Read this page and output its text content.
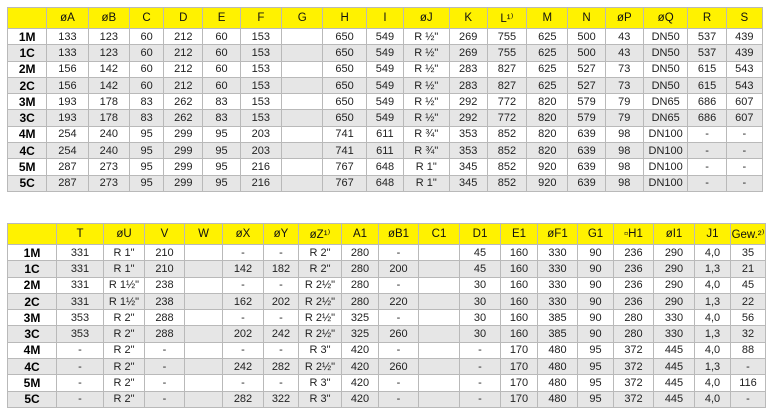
	øA	øB	C	D	E	F	G	H	I	øJ	K	L¹⁾	M	N	øP	øQ	R	S
1M	133	123	60	212	60	153		650	549	R ½"	269	755	625	500	43	DN50	537	439
1C	133	123	60	212	60	153		650	549	R ½"	269	755	625	500	43	DN50	537	439
2M	156	142	60	212	60	153		650	549	R ½"	283	827	625	527	73	DN50	615	543
2C	156	142	60	212	60	153		650	549	R ½"	283	827	625	527	73	DN50	615	543
3M	193	178	83	262	83	153		650	549	R ½"	292	772	820	579	79	DN65	686	607
3C	193	178	83	262	83	153		650	549	R ½"	292	772	820	579	79	DN65	686	607
4M	254	240	95	299	95	203		741	611	R ¾"	353	852	820	639	98	DN100	-	-
4C	254	240	95	299	95	203		741	611	R ¾"	353	852	820	639	98	DN100	-	-
5M	287	273	95	299	95	216		767	648	R 1"	345	852	920	639	98	DN100	-	-
5C	287	273	95	299	95	216		767	648	R 1"	345	852	920	639	98	DN100	-	-
	T	øU	V	W	øX	øY	øZ¹⁾	A1	øB1	C1	D1	E1	øF1	G1	▫H1	øI1	J1	Gew.²⁾
1M	331	R 1"	210		-	-	R 2"	280	-		45	160	330	90	236	290	4,0	35
1C	331	R 1"	210		142	182	R 2"	280	200		45	160	330	90	236	290	1,3	21
2M	331	R 1½"	238		-	-	R 2½"	280	-		30	160	330	90	236	290	4,0	45
2C	331	R 1½"	238		162	202	R 2½"	280	220		30	160	330	90	236	290	1,3	22
3M	353	R 2"	288		-	-	R 2½"	325	-		30	160	385	90	280	330	4,0	56
3C	353	R 2"	288		202	242	R 2½"	325	260		30	160	385	90	280	330	1,3	32
4M	-	R 2"	-		-	-	R 3"	420	-		-	170	480	95	372	445	4,0	88
4C	-	R 2"	-		242	282	R 2½"	420	260		-	170	480	95	372	445	1,3	-
5M	-	R 2"	-		-	-	R 3"	420	-		-	170	480	95	372	445	4,0	116
5C	-	R 2"	-		282	322	R 3"	420	-		-	170	480	95	372	445	4,0	-
